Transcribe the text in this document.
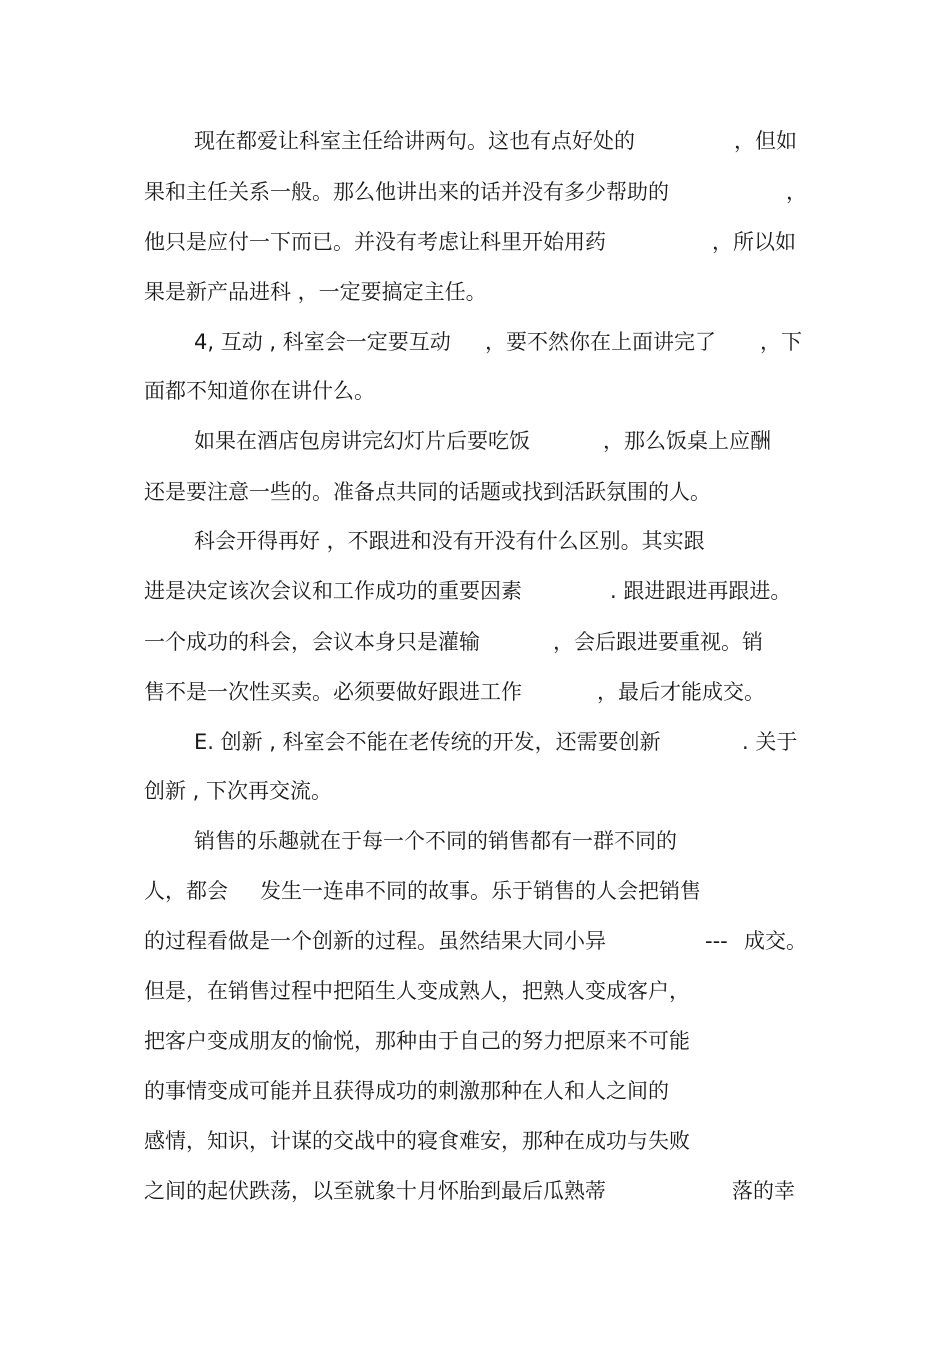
现在都爱让科室主任给讲两句。这也有点好处的

	，但如

果和主任关系一般。那么他讲出来的话并没有多少帮助的

	，

他只是应付一下而已。并没有考虑让科里开始用药

	，所以如

果是新产品进科 ，一定要搞定主任。

4, 互动 , 科室会一定要互动

，要不然你在上面讲完了

，下

面都不知道你在讲什么。

如果在酒店包房讲完幻灯片后要吃饭

	，那么饭桌上应酬

还是要注意一些的。准备点共同的话题或找到活跃氛围的人。

科会开得再好 ，不跟进和没有开没有什么区别。其实跟

进是决定该次会议和工作成功的重要因素

	. 跟进跟进再跟进。

一个成功的科会，会议本身只是灌输

	，会后跟进要重视。销

售不是一次性买卖。必须要做好跟进工作

	，最后才能成交。

E. 创新 , 科室会不能在老传统的开发，还需要创新

	. 关于

创新 , 下次再交流。

销售的乐趣就在于每一个不同的销售都有一群不同的

人，都会

发生一连串不同的故事。乐于销售的人会把销售

的过程看做是一个创新的过程。虽然结果大同小异

	---

成交。

但是，在销售过程中把陌生人变成熟人，把熟人变成客户，

把客户变成朋友的愉悦，那种由于自己的努力把原来不可能

的事情变成可能并且获得成功的刺激那种在人和人之间的

感情，知识，计谋的交战中的寝食难安，那种在成功与失败

之间的起伏跌荡，以至就象十月怀胎到最后瓜熟蒂

	落的幸
